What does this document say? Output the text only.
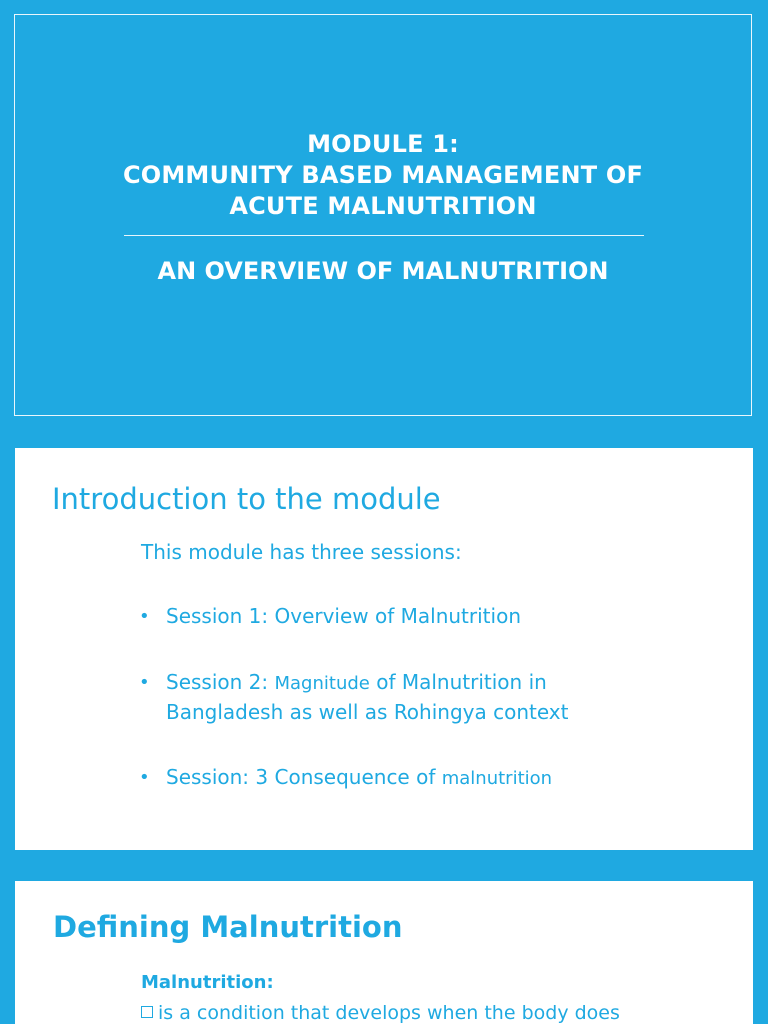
MODULE 1:
COMMUNITY BASED MANAGEMENT OF
ACUTE MALNUTRITION
AN OVERVIEW OF MALNUTRITION
Introduction to the module
This module has three sessions:
• Session 1: Overview of Malnutrition
• Session 2: Magnitude of Malnutrition in
Bangladesh as well as Rohingya context
• Session: 3 Consequence of malnutrition
Defining Malnutrition
Malnutrition:
is a condition that develops when the body does
